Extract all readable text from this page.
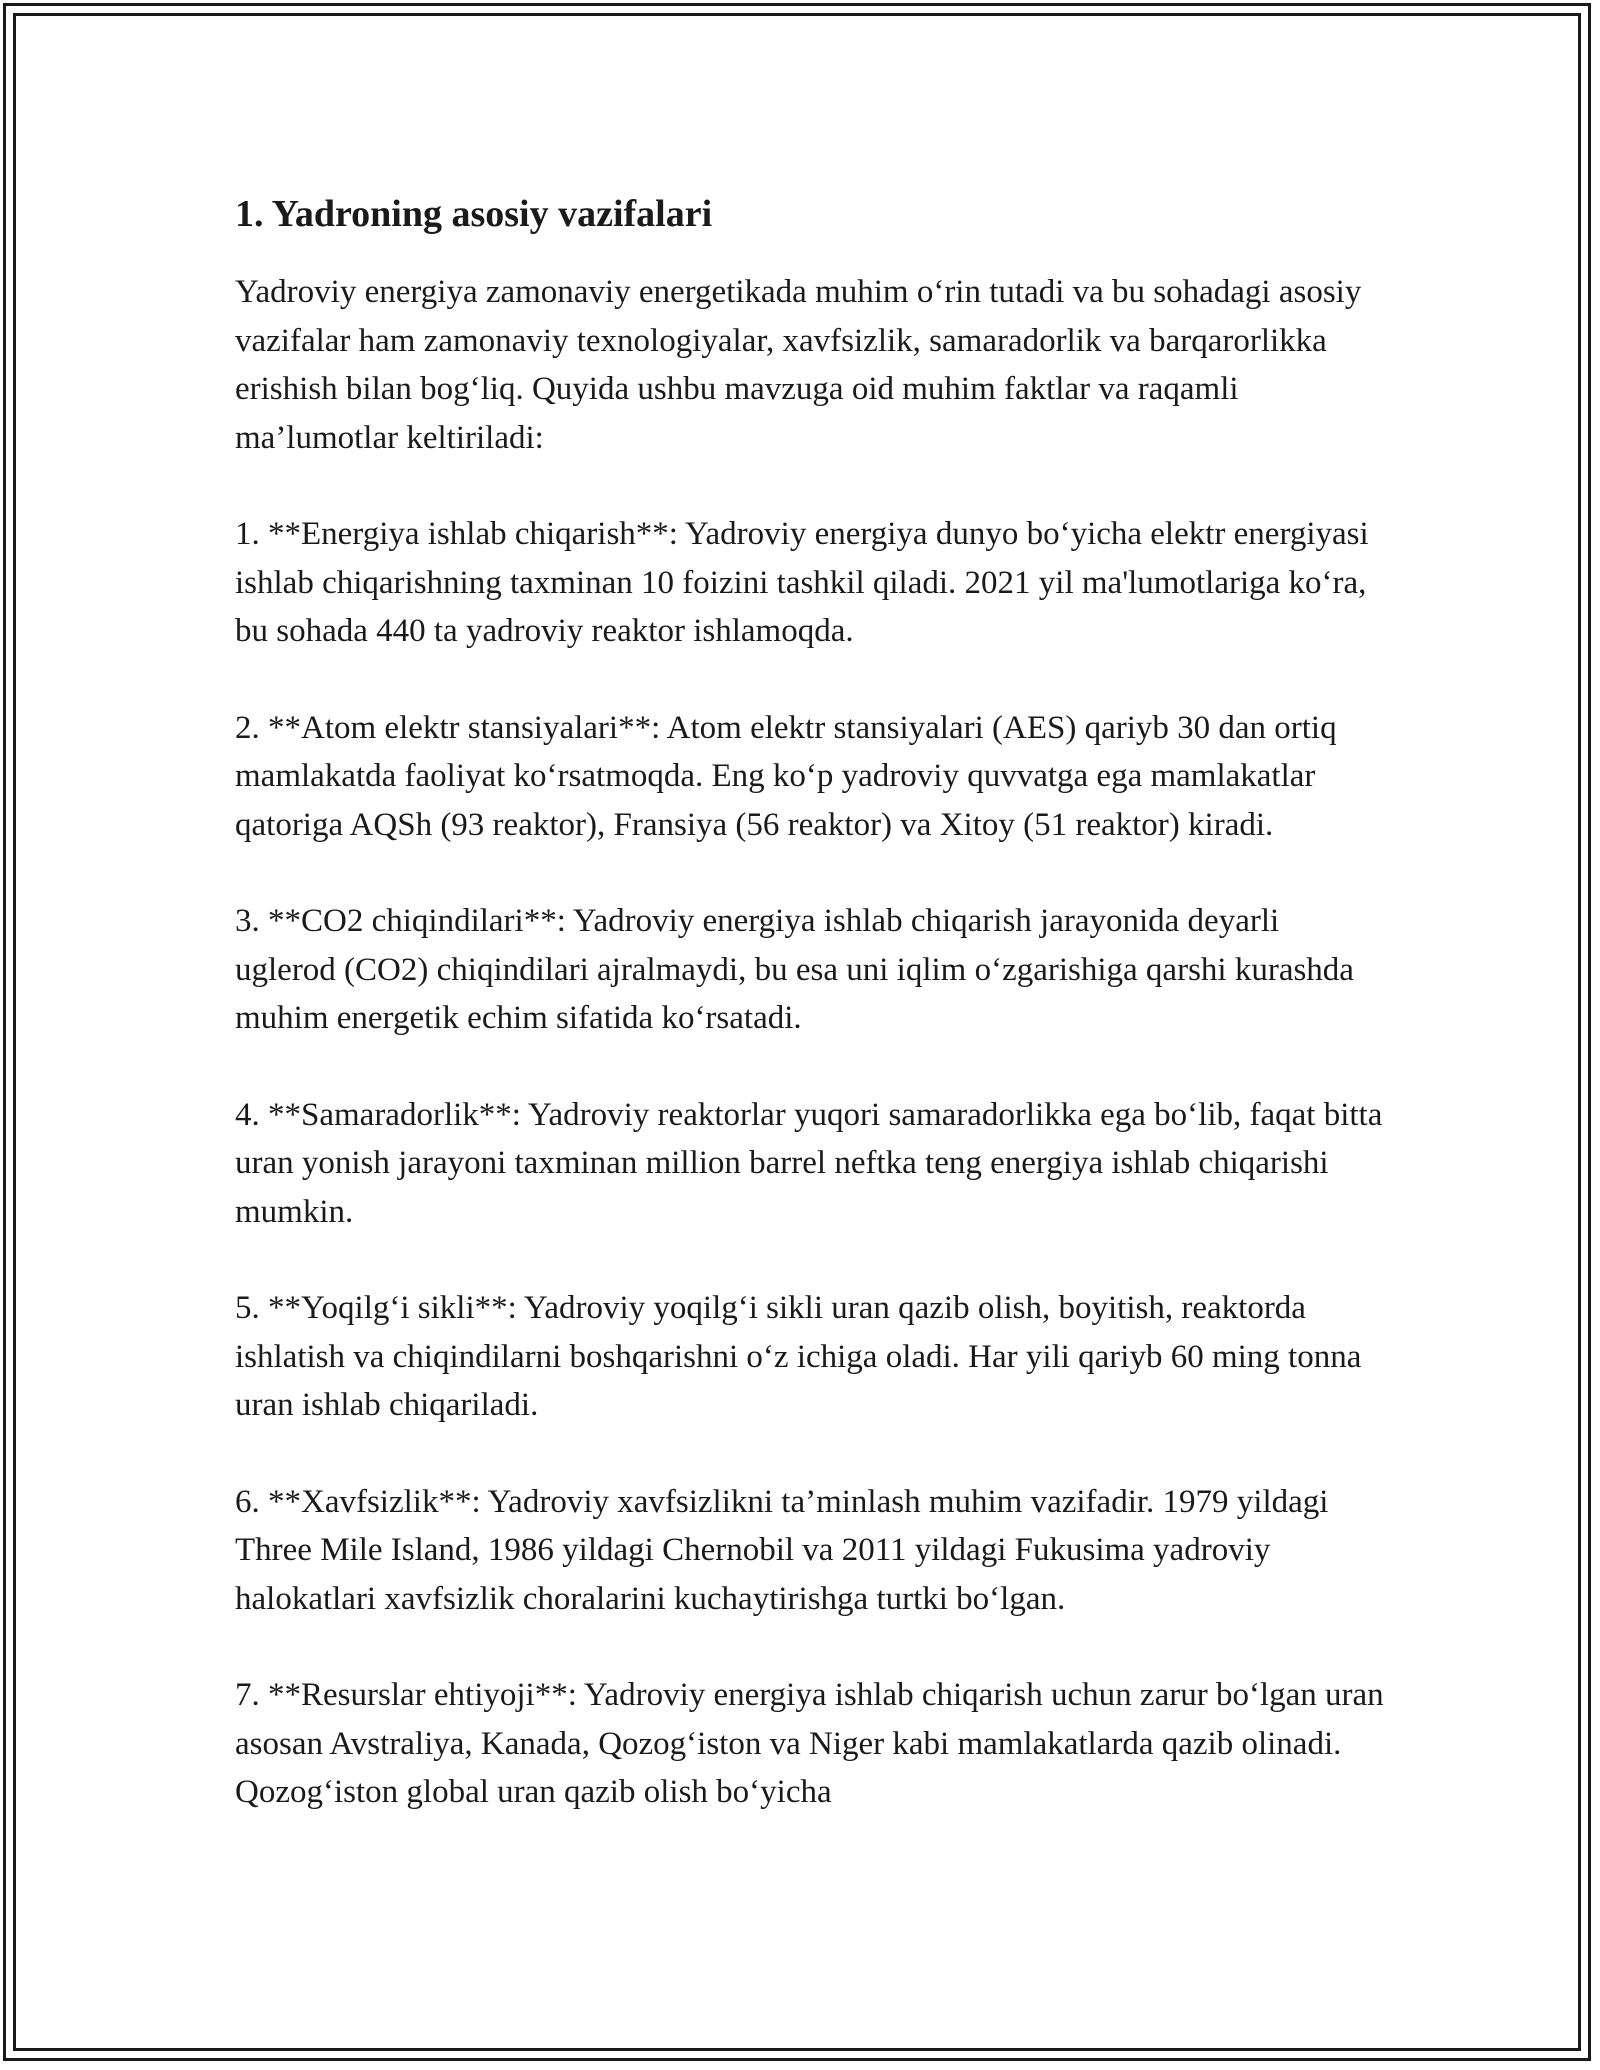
1. Yadroning asosiy vazifalari

Yadroviy energiya zamonaviy energetikada muhim o‘rin tutadi va bu sohadagi asosiy vazifalar ham zamonaviy texnologiyalar, xavfsizlik, samaradorlik va barqarorlikka erishish bilan bog‘liq. Quyida ushbu mavzuga oid muhim faktlar va raqamli ma’lumotlar keltiriladi:

1. **Energiya ishlab chiqarish**: Yadroviy energiya dunyo bo‘yicha elektr energiyasi ishlab chiqarishning taxminan 10 foizini tashkil qiladi. 2021 yil ma'lumotlariga ko‘ra, bu sohada 440 ta yadroviy reaktor ishlamoqda.

2. **Atom elektr stansiyalari**: Atom elektr stansiyalari (AES) qariyb 30 dan ortiq mamlakatda faoliyat ko‘rsatmoqda. Eng ko‘p yadroviy quvvatga ega mamlakatlar qatoriga AQSh (93 reaktor), Fransiya (56 reaktor) va Xitoy (51 reaktor) kiradi.

3. **CO2 chiqindilari**: Yadroviy energiya ishlab chiqarish jarayonida deyarli uglerod (CO2) chiqindilari ajralmaydi, bu esa uni iqlim o‘zgarishiga qarshi kurashda muhim energetik echim sifatida ko‘rsatadi.

4. **Samaradorlik**: Yadroviy reaktorlar yuqori samaradorlikka ega bo‘lib, faqat bitta uran yonish jarayoni taxminan million barrel neftka teng energiya ishlab chiqarishi mumkin.

5. **Yoqilg‘i sikli**: Yadroviy yoqilg‘i sikli uran qazib olish, boyitish, reaktorda ishlatish va chiqindilarni boshqarishni o‘z ichiga oladi. Har yili qariyb 60 ming tonna uran ishlab chiqariladi.

6. **Xavfsizlik**: Yadroviy xavfsizlikni ta’minlash muhim vazifadir. 1979 yildagi Three Mile Island, 1986 yildagi Chernobil va 2011 yildagi Fukusima yadroviy halokatlari xavfsizlik choralarini kuchaytirishga turtki bo‘lgan.

7. **Resurslar ehtiyoji**: Yadroviy energiya ishlab chiqarish uchun zarur bo‘lgan uran asosan Avstraliya, Kanada, Qozog‘iston va Niger kabi mamlakatlarda qazib olinadi. Qozog‘iston global uran qazib olish bo‘yicha
